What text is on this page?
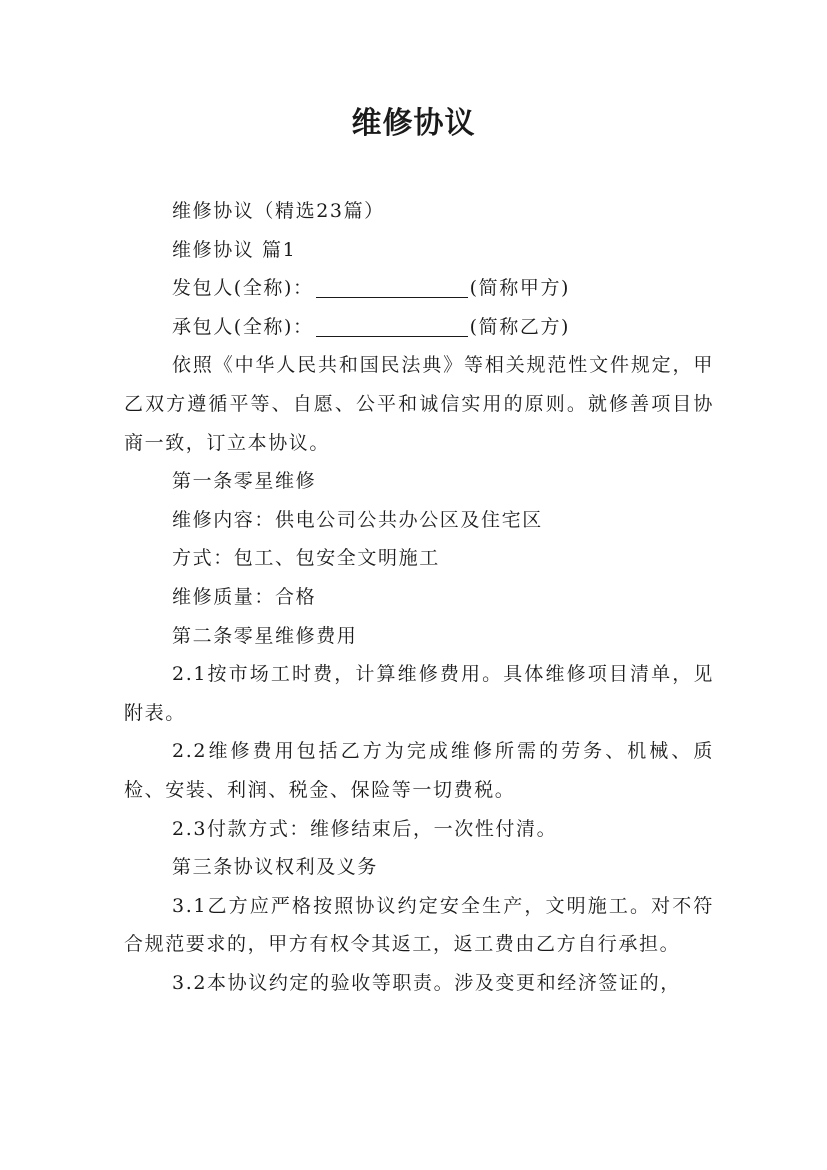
维修协议

维修协议（精选23篇）

维修协议 篇1

发包人(全称)：	(简称甲方)

承包人(全称)：	(简称乙方)

依照《中华人民共和国民法典》等相关规范性文件规定，甲乙双方遵循平等、自愿、公平和诚信实用的原则。就修善项目协商一致，订立本协议。

第一条零星维修

维修内容：供电公司公共办公区及住宅区

方式：包工、包安全文明施工

维修质量：合格

第二条零星维修费用

2.1按市场工时费，计算维修费用。具体维修项目清单，见附表。

2.2维修费用包括乙方为完成维修所需的劳务、机械、质检、安装、利润、税金、保险等一切费税。

2.3付款方式：维修结束后，一次性付清。

第三条协议权利及义务

3.1乙方应严格按照协议约定安全生产，文明施工。对不符合规范要求的，甲方有权令其返工，返工费由乙方自行承担。

3.2本协议约定的验收等职责。涉及变更和经济签证的，
